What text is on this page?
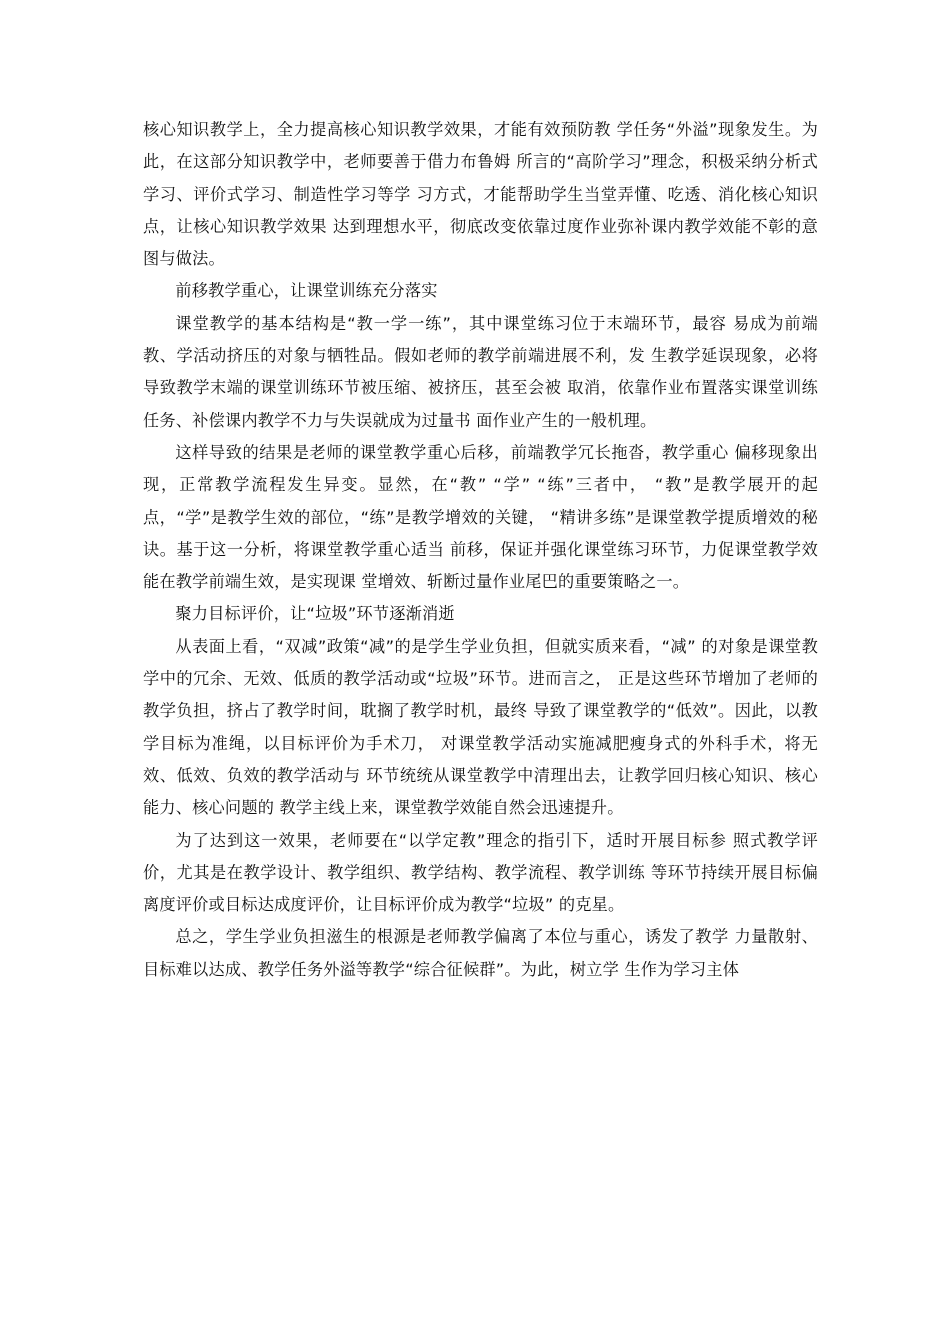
核心知识教学上，全力提高核心知识教学效果，才能有效预防教 学任务“外溢”现象发生。为此，在这部分知识教学中，老师要善于借力布鲁姆 所言的“高阶学习”理念，积极采纳分析式学习、评价式学习、制造性学习等学 习方式，才能帮助学生当堂弄懂、吃透、消化核心知识点，让核心知识教学效果 达到理想水平，彻底改变依靠过度作业弥补课内教学效能不彰的意图与做法。

前移教学重心，让课堂训练充分落实

课堂教学的基本结构是“教一学一练”，其中课堂练习位于末端环节，最容 易成为前端教、学活动挤压的对象与牺牲品。假如老师的教学前端进展不利，发 生教学延误现象，必将导致教学末端的课堂训练环节被压缩、被挤压，甚至会被 取消，依靠作业布置落实课堂训练任务、补偿课内教学不力与失误就成为过量书 面作业产生的一般机理。

这样导致的结果是老师的课堂教学重心后移，前端教学冗长拖沓，教学重心 偏移现象出现，正常教学流程发生异变。显然，在“教” “学” “练”三者中， “教”是教学展开的起点，“学”是教学生效的部位，“练”是教学增效的关键， “精讲多练”是课堂教学提质增效的秘诀。基于这一分析，将课堂教学重心适当 前移，保证并强化课堂练习环节，力促课堂教学效能在教学前端生效，是实现课 堂增效、斩断过量作业尾巴的重要策略之一。

聚力目标评价，让“垃圾”环节逐渐消逝

从表面上看，“双减”政策“减”的是学生学业负担，但就实质来看，“减” 的对象是课堂教学中的冗余、无效、低质的教学活动或“垃圾”环节。进而言之， 正是这些环节增加了老师的教学负担，挤占了教学时间，耽搁了教学时机，最终 导致了课堂教学的“低效”。因此，以教学目标为准绳，以目标评价为手术刀， 对课堂教学活动实施减肥瘦身式的外科手术，将无效、低效、负效的教学活动与 环节统统从课堂教学中清理出去，让教学回归核心知识、核心能力、核心问题的 教学主线上来，课堂教学效能自然会迅速提升。

为了达到这一效果，老师要在“以学定教”理念的指引下，适时开展目标参 照式教学评价，尤其是在教学设计、教学组织、教学结构、教学流程、教学训练 等环节持续开展目标偏离度评价或目标达成度评价，让目标评价成为教学“垃圾” 的克星。

总之，学生学业负担滋生的根源是老师教学偏离了本位与重心，诱发了教学 力量散射、目标难以达成、教学任务外溢等教学“综合征候群”。为此，树立学 生作为学习主体
